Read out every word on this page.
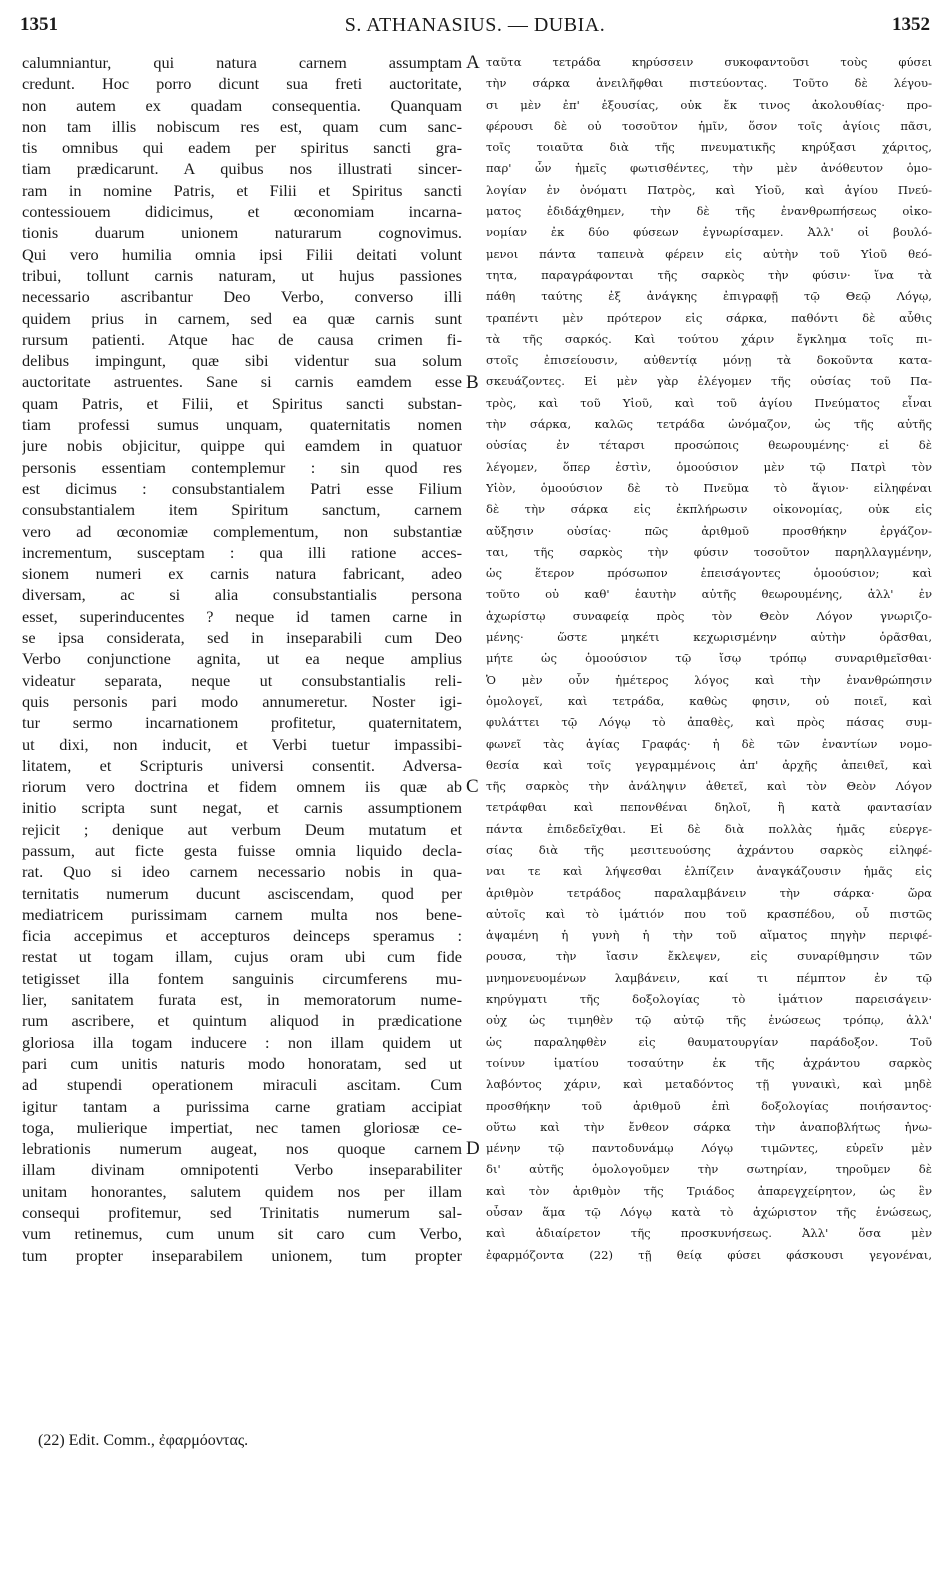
1351	S. ATHANASIUS. — DUBIA.	1352
calumniantur, qui natura carnem assumptam
credunt. Hoc porro dicunt sua freti auctoritate,
non autem ex quadam consequentia. Quanquam
non tam illis nobiscum res est, quam cum sanc-
tis omnibus qui eadem per spiritus sancti gra-
tiam prædicarunt. A quibus nos illustrati sincer-
ram in nomine Patris, et Filii et Spiritus sancti
contessiouem didicimus, et œconomiam incarna-
tionis duarum unionem naturarum cognovimus.
Qui vero humilia omnia ipsi Filii deitati volunt
tribui, tollunt carnis naturam, ut hujus passiones
necessario ascribantur Deo Verbo, converso illi
quidem prius in carnem, sed ea quæ carnis sunt
rursum patienti. Atque hac de causa crimen fi-
delibus impingunt, quæ sibi videntur sua solum
auctoritate astruentes. Sane si carnis eamdem esse
quam Patris, et Filii, et Spiritus sancti substan-
tiam professi sumus unquam, quaternitatis nomen
jure nobis objicitur, quippe qui eamdem in quatuor
personis essentiam contemplemur : sin quod res
est dicimus : consubstantialem Patri esse Filium
consubstantialem item Spiritum sanctum, carnem
vero ad œconomiæ complementum, non substantiæ
incrementum, susceptam : qua illi ratione acces-
sionem numeri ex carnis natura fabricant, adeo
diversam, ac si alia consubstantialis persona
esset, superinducentes ? neque id tamen carne in
se ipsa considerata, sed in inseparabili cum Deo
Verbo conjunctione agnita, ut ea neque amplius
videatur separata, neque ut consubstantialis reli-
quis personis pari modo annumeretur. Noster igi-
tur sermo incarnationem profitetur, quaternitatem,
ut dixi, non inducit, et Verbi tuetur impassibi-
litatem, et Scripturis universi consentit. Adversa-
riorum vero doctrina et fidem omnem iis quæ ab
initio scripta sunt negat, et carnis assumptionem
rejicit ; denique aut verbum Deum mutatum et
passum, aut ficte gesta fuisse omnia liquido decla-
rat. Quo si ideo carnem necessario nobis in qua-
ternitatis numerum ducunt asciscendam, quod per
mediatricem purissimam carnem multa nos bene-
ficia accepimus et accepturos deinceps speramus :
restat ut togam illam, cujus oram ubi cum fide
tetigisset illa fontem sanguinis circumferens mu-
lier, sanitatem furata est, in memoratorum nume-
rum ascribere, et quintum aliquod in prædicatione
gloriosa illa togam inducere : non illam quidem ut
pari cum unitis naturis modo honoratam, sed ut
ad stupendi operationem miraculi ascitam. Cum
igitur tantam a purissima carne gratiam accipiat
toga, mulierique impertiat, nec tamen gloriosæ ce-
lebrationis numerum augeat, nos quoque carnem
illam divinam omnipotenti Verbo inseparabiliter
unitam honorantes, salutem quidem nos per illam
consequi profitemur, sed Trinitatis numerum sal-
vum retinemus, cum unum sit caro cum Verbo,
tum propter inseparabilem unionem, tum propter
A
B
C
D
ταῦτα τετράδα κηρύσσειν συκοφαντοῦσι τοὺς φύσει
τὴν σάρκα ἀνειλῆφθαι πιστεύοντας. Τοῦτο δὲ λέγου-
σι μὲν ἐπ' ἐξουσίας, οὐκ ἔκ τινος ἀκολουθίας· προ-
φέρουσι δὲ οὐ τοσοῦτον ἡμῖν, ὅσον τοῖς ἁγίοις πᾶσι,
τοῖς τοιαῦτα διὰ τῆς πνευματικῆς κηρύξασι χάριτος,
παρ' ὧν ἡμεῖς φωτισθέντες, τὴν μὲν ἀνόθευτον ὁμο-
λογίαν ἐν ὀνόματι Πατρὸς, καὶ Υἱοῦ, καὶ ἁγίου Πνεύ-
ματος ἐδιδάχθημεν, τὴν δὲ τῆς ἐνανθρωπήσεως οἰκο-
νομίαν ἐκ δύο φύσεων ἐγνωρίσαμεν. Ἀλλ' οἱ βουλό-
μενοι πάντα ταπεινὰ φέρειν εἰς αὐτὴν τοῦ Υἱοῦ θεό-
τητα, παραγράφονται τῆς σαρκὸς τὴν φύσιν· ἵνα τὰ
πάθη ταύτης ἐξ ἀνάγκης ἐπιγραφῇ τῷ Θεῷ Λόγῳ,
τραπέντι μὲν πρότερον εἰς σάρκα, παθόντι δὲ αὖθις
τὰ τῆς σαρκός. Καὶ τούτου χάριν ἔγκλημα τοῖς πι-
στοῖς ἐπισείουσιν, αὐθεντίᾳ μόνῃ τὰ δοκοῦντα κατα-
σκευάζοντες. Εἰ μὲν γὰρ ἐλέγομεν τῆς οὐσίας τοῦ Πα-
τρὸς, καὶ τοῦ Υἱοῦ, καὶ τοῦ ἁγίου Πνεύματος εἶναι
τὴν σάρκα, καλῶς τετράδα ὠνόμαζον, ὡς τῆς αὐτῆς
οὐσίας ἐν τέταρσι προσώποις θεωρουμένης· εἰ δὲ
λέγομεν, ὅπερ ἐστὶν, ὁμοούσιον μὲν τῷ Πατρὶ τὸν
Υἱὸν, ὁμοούσιον δὲ τὸ Πνεῦμα τὸ ἅγιον· εἰληφέναι
δὲ τὴν σάρκα εἰς ἐκπλήρωσιν οἰκονομίας, οὐκ εἰς
αὔξησιν οὐσίας· πῶς ἀριθμοῦ προσθήκην ἐργάζον-
ται, τῆς σαρκὸς τὴν φύσιν τοσοῦτον παρηλλαγμένην,
ὡς ἕτερον πρόσωπον ἐπεισάγοντες ὁμοούσιον; καὶ
τοῦτο οὐ καθ' ἑαυτὴν αὐτῆς θεωρουμένης, ἀλλ' ἐν
ἀχωρίστῳ συναφείᾳ πρὸς τὸν Θεὸν Λόγον γνωριζο-
μένης· ὥστε μηκέτι κεχωρισμένην αὐτὴν ὁρᾶσθαι,
μήτε ὡς ὁμοούσιον τῷ ἴσῳ τρόπῳ συναριθμεῖσθαι·
Ὁ μὲν οὖν ἡμέτερος λόγος καὶ τὴν ἐνανθρώπησιν
ὁμολογεῖ, καὶ τετράδα, καθὼς φησιν, οὐ ποιεῖ, καὶ
φυλάττει τῷ Λόγῳ τὸ ἀπαθὲς, καὶ πρὸς πάσας συμ-
φωνεῖ τὰς ἁγίας Γραφάς· ἡ δὲ τῶν ἐναντίων νομο-
θεσία καὶ τοῖς γεγραμμένοις ἀπ' ἀρχῆς ἀπειθεῖ, καὶ
τῆς σαρκὸς τὴν ἀνάληψιν ἀθετεῖ, καὶ τὸν Θεὸν Λόγον
τετράφθαι καὶ πεπονθέναι δηλοῖ, ἢ κατὰ φαντασίαν
πάντα ἐπιδεδεῖχθαι. Εἰ δὲ διὰ πολλὰς ἡμᾶς εὐεργε-
σίας διὰ τῆς μεσιτευούσης ἀχράντου σαρκὸς εἰληφέ-
ναι τε καὶ λήψεσθαι ἐλπίζειν ἀναγκάζουσιν ἡμᾶς εἰς
ἀριθμὸν τετράδος παραλαμβάνειν τὴν σάρκα· ὥρα
αὐτοῖς καὶ τὸ ἱμάτιόν που τοῦ κρασπέδου, οὗ πιστῶς
ἁψαμένη ἡ γυνὴ ἡ τὴν τοῦ αἵματος πηγὴν περιφέ-
ρουσα, τὴν ἴασιν ἔκλεψεν, εἰς συναρίθμησιν τῶν
μνημονευομένων λαμβάνειν, καί τι πέμπτον ἐν τῷ
κηρύγματι τῆς δοξολογίας τὸ ἱμάτιον παρεισάγειν·
οὐχ ὡς τιμηθὲν τῷ αὐτῷ τῆς ἑνώσεως τρόπῳ, ἀλλ'
ὡς παραληφθὲν εἰς θαυματουργίαν παράδοξον. Τοῦ
τοίνυν ἱματίου τοσαύτην ἐκ τῆς ἀχράντου σαρκὸς
λαβόντος χάριν, καὶ μεταδόντος τῇ γυναικὶ, καὶ μηδὲ
προσθήκην τοῦ ἀριθμοῦ ἐπὶ δοξολογίας ποιήσαντος·
οὕτω καὶ τὴν ἔνθεον σάρκα τὴν ἀναποβλήτως ἡνω-
μένην τῷ παντοδυνάμῳ Λόγῳ τιμῶντες, εὑρεῖν μὲν
δι' αὐτῆς ὁμολογοῦμεν τὴν σωτηρίαν, τηροῦμεν δὲ
καὶ τὸν ἀριθμὸν τῆς Τριάδος ἀπαρεγχείρητον, ὡς ἓν
οὖσαν ἅμα τῷ Λόγῳ κατὰ τὸ ἀχώριστον τῆς ἑνώσεως,
καὶ ἀδιαίρετον τῆς προσκυνήσεως. Ἀλλ' ὅσα μὲν
ἐφαρμόζοντα (22) τῇ θείᾳ φύσει φάσκουσι γεγονέναι,
(22) Edit. Comm., ἐφαρμόοντας.
